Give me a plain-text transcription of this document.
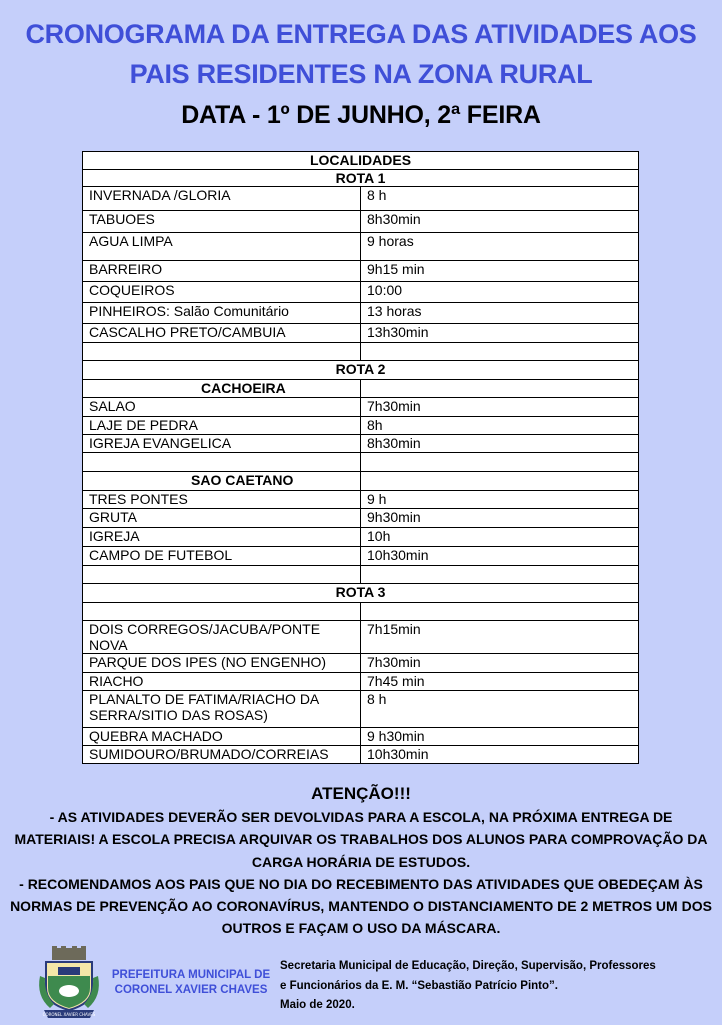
CRONOGRAMA DA ENTREGA DAS ATIVIDADES AOS
PAIS RESIDENTES NA ZONA RURAL
DATA - 1º DE JUNHO, 2ª FEIRA
LOCALIDADES	
ROTA 1	
INVERNADA /GLORIA	8 h
TABUOES	8h30min
AGUA LIMPA	9 horas
BARREIRO	9h15 min
COQUEIROS	10:00
PINHEIROS: Salão Comunitário	13 horas
CASCALHO PRETO/CAMBUIA	13h30min

ROTA 2	
CACHOEIRA	
SALAO	7h30min
LAJE DE PEDRA	8h
IGREJA EVANGELICA	8h30min

SAO CAETANO	
TRES PONTES	9 h
GRUTA	9h30min
IGREJA	10h
CAMPO DE FUTEBOL	10h30min

ROTA 3	

DOIS CORREGOS/JACUBA/PONTE NOVA	7h15min
PARQUE DOS IPES (NO ENGENHO)	7h30min
RIACHO	7h45 min
PLANALTO DE FATIMA/RIACHO DA SERRA/SITIO DAS ROSAS)	8 h
QUEBRA MACHADO	9 h30min
SUMIDOURO/BRUMADO/CORREIAS	10h30min
ATENÇÃO!!!

- AS ATIVIDADES DEVERÃO SER DEVOLVIDAS PARA A ESCOLA, NA PRÓXIMA ENTREGA DE MATERIAIS! A ESCOLA PRECISA ARQUIVAR OS TRABALHOS DOS ALUNOS PARA COMPROVAÇÃO DA CARGA HORÁRIA DE ESTUDOS.

- RECOMENDAMOS AOS PAIS QUE NO DIA DO RECEBIMENTO DAS ATIVIDADES QUE OBEDEÇAM ÀS NORMAS DE PREVENÇÃO AO CORONAVÍRUS, MANTENDO O DISTANCIAMENTO DE 2 METROS UM DOS OUTROS E FAÇAM O USO DA MÁSCARA.

CORONEL XAVIER CHAVES
PREFEITURA MUNICIPAL DE
CORONEL XAVIER CHAVES
Secretaria Municipal de Educação, Direção, Supervisão, Professores
e Funcionários da E. M. “Sebastião Patrício Pinto”.
Maio de 2020.
